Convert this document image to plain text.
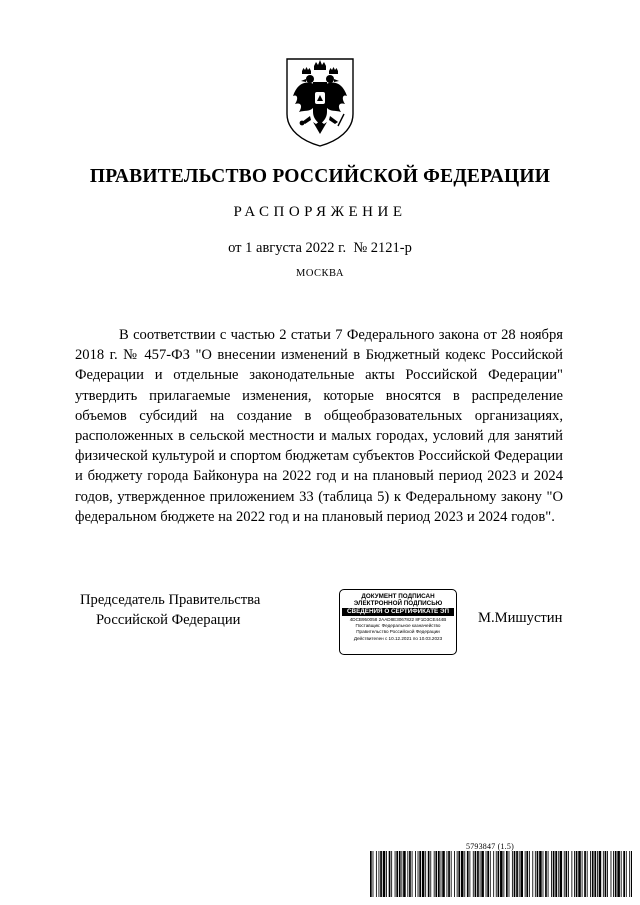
ПРАВИТЕЛЬСТВО РОССИЙСКОЙ ФЕДЕРАЦИИ
РАСПОРЯЖЕНИЕ
от 1 августа 2022 г.  № 2121-р
МОСКВА

В соответствии с частью 2 статьи 7 Федерального закона от 28 ноября 2018 г. № 457-ФЗ "О внесении изменений в Бюджетный кодекс Российской Федерации и отдельные законодательные акты Российской Федерации" утвердить прилагаемые изменения, которые вносятся в распределение объемов субсидий на создание в общеобразовательных организациях, расположенных в сельской местности и малых городах, условий для занятий физической культурой и спортом бюджетам субъектов Российской Федерации и бюджету города Байконура на 2022 год и на плановый период 2023 и 2024 годов, утвержденное приложением 33 (таблица 5) к Федеральному закону "О федеральном бюджете на 2022 год и на плановый период 2023 и 2024 годов".

Председатель Правительства
Российской Федерации
ДОКУМЕНТ ПОДПИСАН
ЭЛЕКТРОННОЙ ПОДПИСЬЮ
СВЕДЕНИЯ О СЕРТИФИКАТЕ ЭП
4DCB950058 2AAD8E3067822 8F1D3CE444B
Поставщик: Федеральное казначейство
Правительство Российской Федерации
Действителен с 10.12.2021 по 10.03.2023
М.Мишустин
5793847 (1.5)
